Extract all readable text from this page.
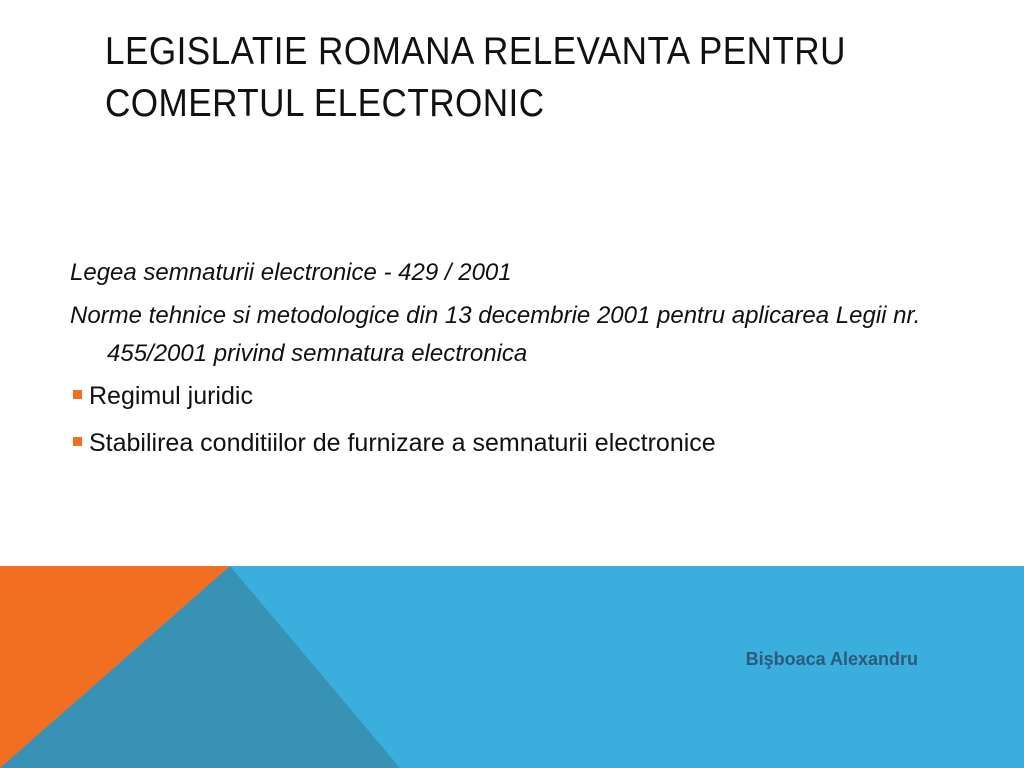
LEGISLATIE ROMANA RELEVANTA PENTRU
COMERTUL ELECTRONIC

Legea semnaturii electronice - 429 / 2001

Norme tehnice si metodologice din 13 decembrie 2001 pentru aplicarea Legii nr. 455/2001 privind semnatura electronica

Regimul juridic
Stabilirea conditiilor de furnizare a semnaturii electronice
Bişboaca Alexandru
